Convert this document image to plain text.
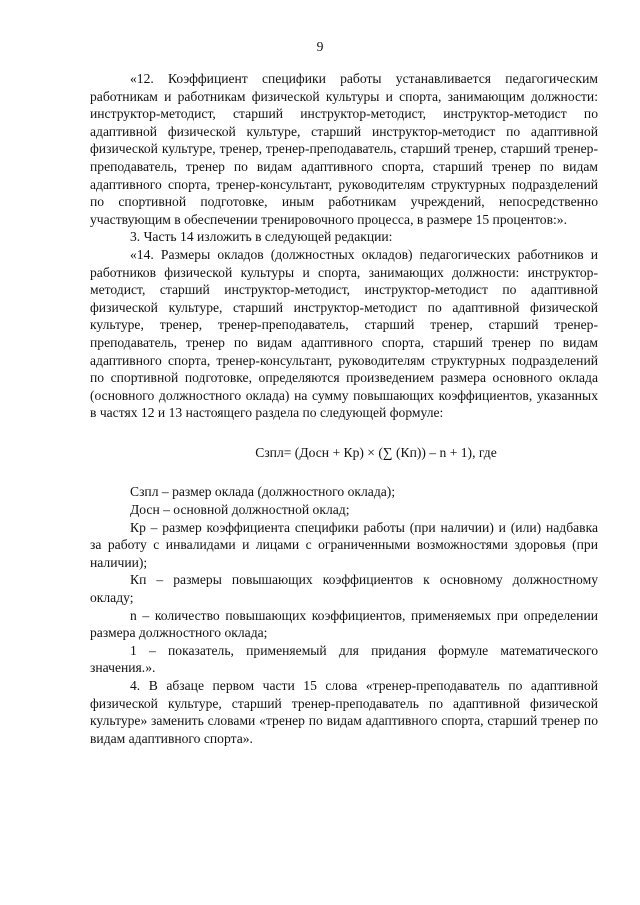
9

«12. Коэффициент специфики работы устанавливается педагогическим работникам и работникам физической культуры и спорта, занимающим должности: инструктор-методист, старший инструктор-методист, инструктор-методист по адаптивной физической культуре, старший инструктор-методист по адаптивной физической культуре, тренер, тренер-преподаватель, старший тренер, старший тренер-преподаватель, тренер по видам адаптивного спорта, старший тренер по видам адаптивного спорта, тренер-консультант, руководителям структурных подразделений по спортивной подготовке, иным работникам учреждений, непосредственно участвующим в обеспечении тренировочного процесса, в размере 15 процентов:».

3. Часть 14 изложить в следующей редакции:

«14. Размеры окладов (должностных окладов) педагогических работников и работников физической культуры и спорта, занимающих должности: инструктор-методист, старший инструктор-методист, инструктор-методист по адаптивной физической культуре, старший инструктор-методист по адаптивной физической культуре, тренер, тренер-преподаватель, старший тренер, старший тренер-преподаватель, тренер по видам адаптивного спорта, старший тренер по видам адаптивного спорта, тренер-консультант, руководителям структурных подразделений по спортивной подготовке, определяются произведением размера основного оклада (основного должностного оклада) на сумму повышающих коэффициентов, указанных в частях 12 и 13 настоящего раздела по следующей формуле:

Сзпл= (Досн + Кр) × (∑ (Кп)) – n + 1), где

Сзпл – размер оклада (должностного оклада);

Досн – основной должностной оклад;

Кр – размер коэффициента специфики работы (при наличии) и (или) надбавка за работу с инвалидами и лицами с ограниченными возможностями здоровья (при наличии);

Кп – размеры повышающих коэффициентов к основному должностному окладу;

n – количество повышающих коэффициентов, применяемых при определении размера должностного оклада;

1 – показатель, применяемый для придания формуле математического значения.».

4. В абзаце первом части 15 слова «тренер-преподаватель по адаптивной физической культуре, старший тренер-преподаватель по адаптивной физической культуре» заменить словами «тренер по видам адаптивного спорта, старший тренер по видам адаптивного спорта».
